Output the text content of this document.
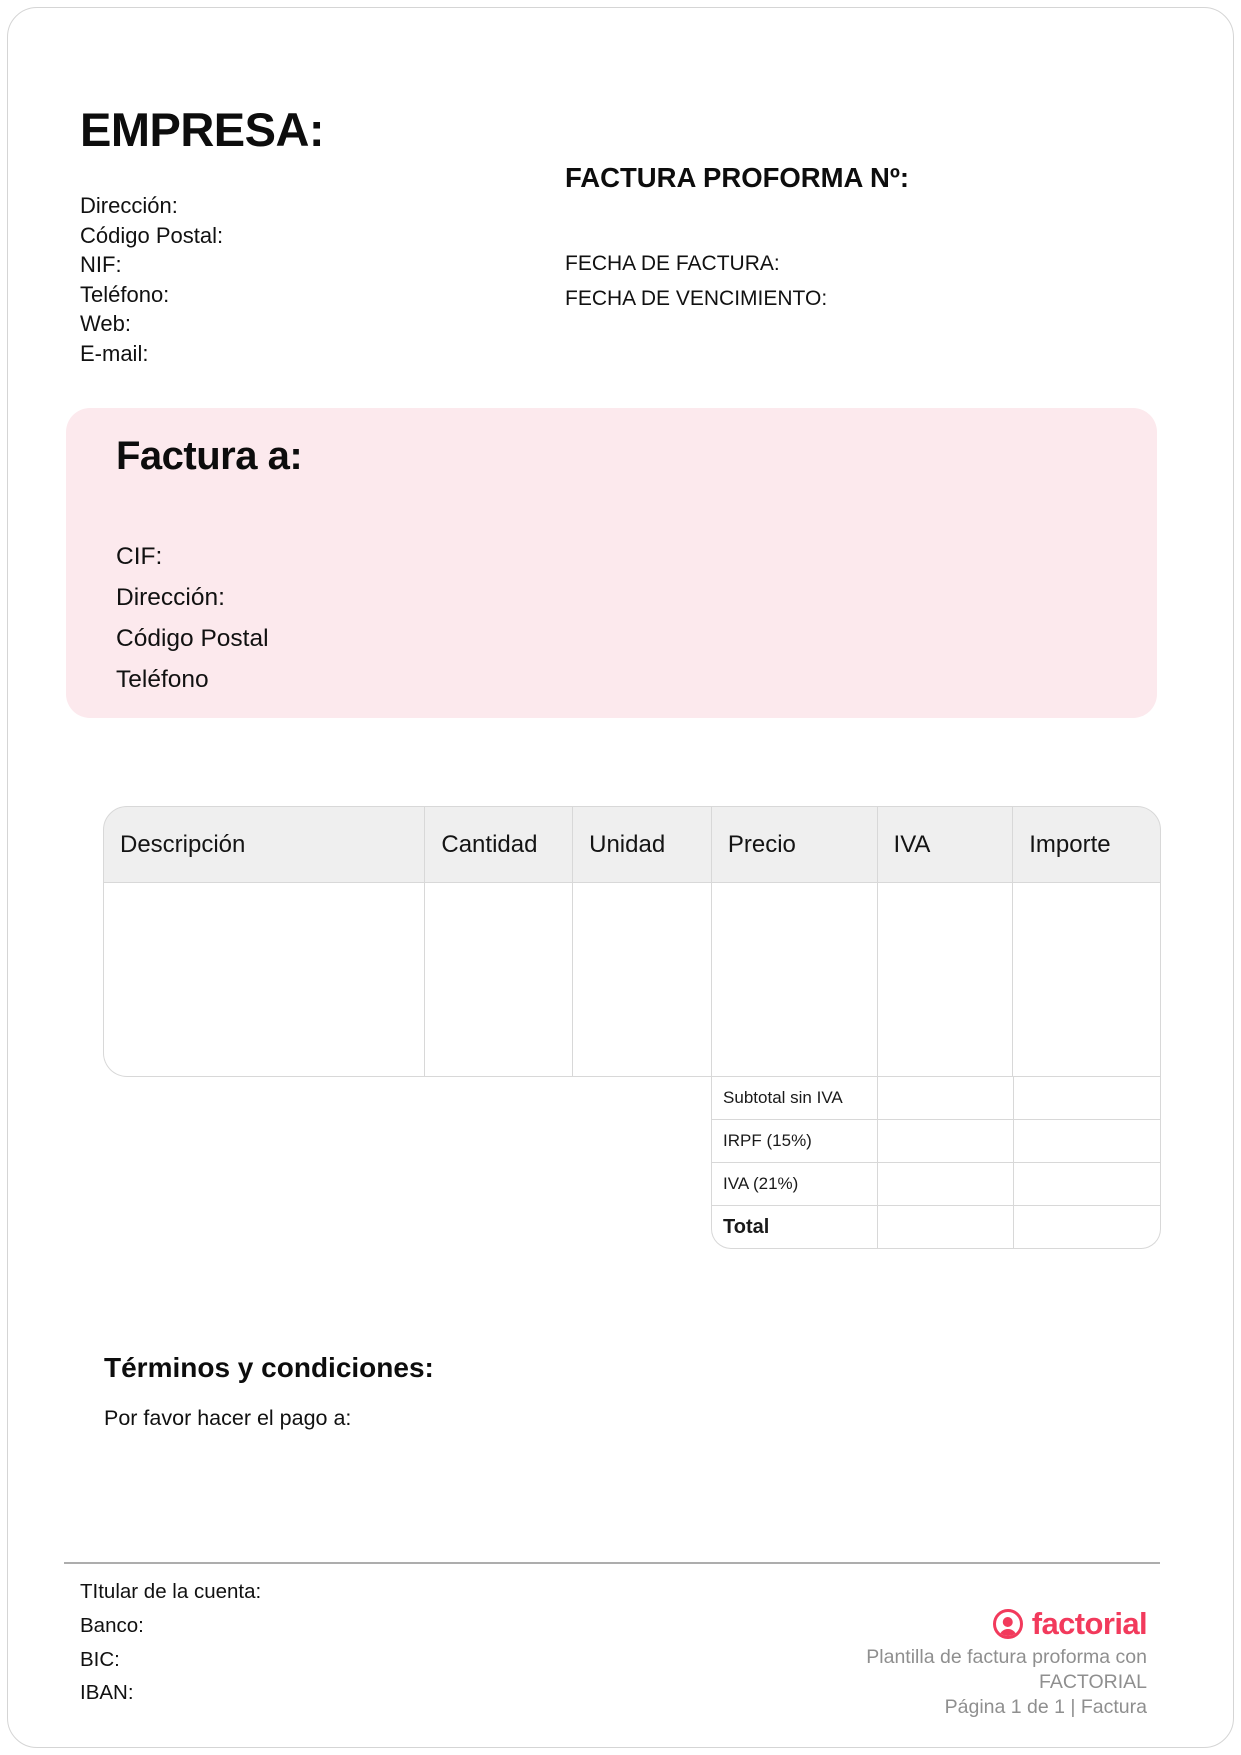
EMPRESA:
Dirección:
Código Postal:
NIF:
Teléfono:
Web:
E-mail:
FACTURA PROFORMA Nº:
FECHA DE FACTURA:
FECHA DE VENCIMIENTO:
Factura a:
CIF:
Dirección:
Código Postal
Teléfono
Descripción	Cantidad	Unidad	Precio	IVA	Importe
Subtotal sin IVA
IRPF (15%)
IVA (21%)
Total
Términos y condiciones:
Por favor hacer el pago a:
TItular de la cuenta:
Banco:
BIC:
IBAN:
factorial
Plantilla de factura proforma con
FACTORIAL
Página 1 de 1 | Factura
